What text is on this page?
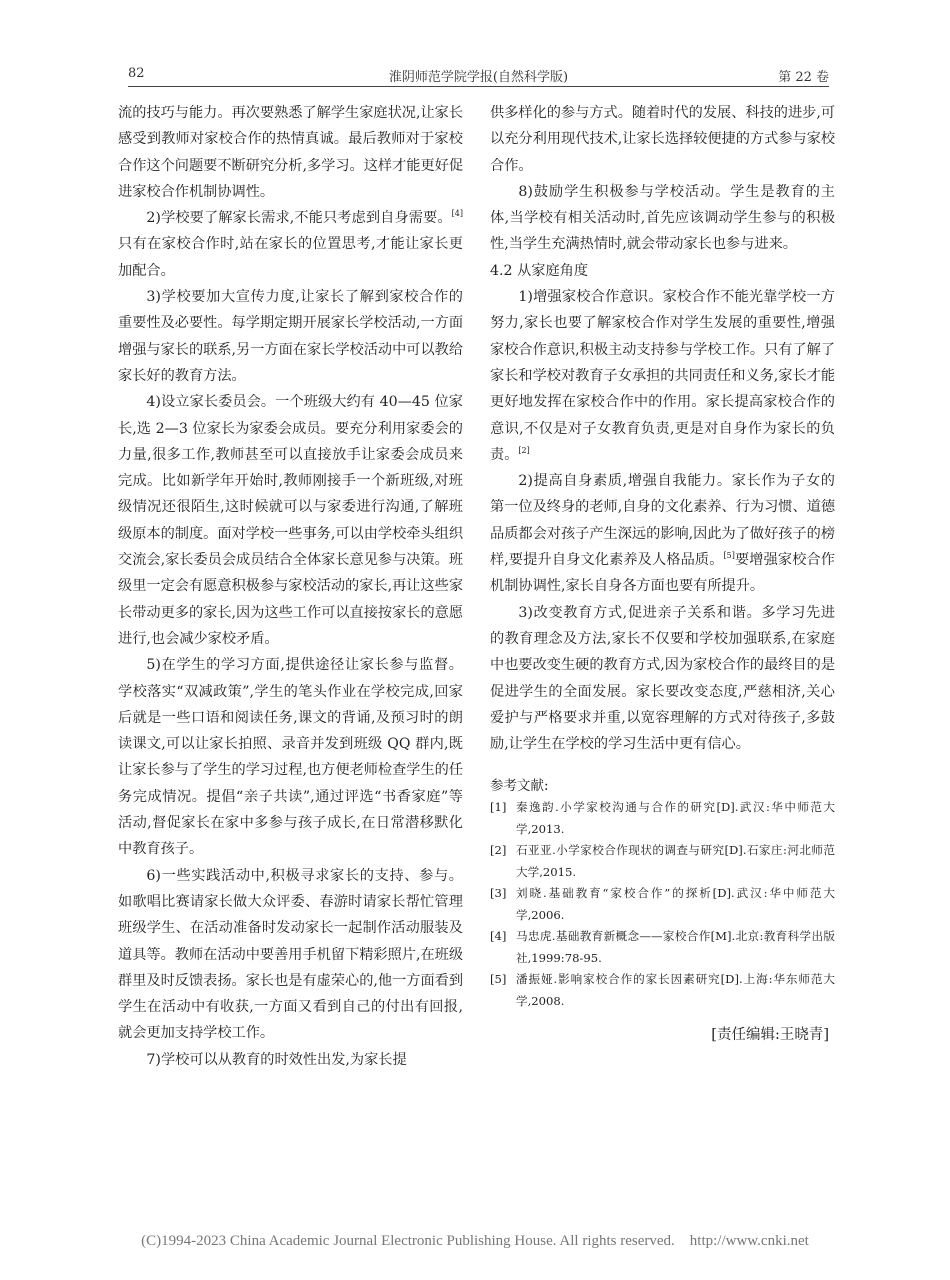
82	淮阴师范学院学报(自然科学版)	第 22 卷

流的技巧与能力。再次要熟悉了解学生家庭状况,让家长感受到教师对家校合作的热情真诚。最后教师对于家校合作这个问题要不断研究分析,多学习。这样才能更好促进家校合作机制协调性。

2)学校要了解家长需求,不能只考虑到自身需要。[4]只有在家校合作时,站在家长的位置思考,才能让家长更加配合。

3)学校要加大宣传力度,让家长了解到家校合作的重要性及必要性。每学期定期开展家长学校活动,一方面增强与家长的联系,另一方面在家长学校活动中可以教给家长好的教育方法。

4)设立家长委员会。一个班级大约有 40—45 位家长,选 2—3 位家长为家委会成员。要充分利用家委会的力量,很多工作,教师甚至可以直接放手让家委会成员来完成。比如新学年开始时,教师刚接手一个新班级,对班级情况还很陌生,这时候就可以与家委进行沟通,了解班级原本的制度。面对学校一些事务,可以由学校牵头组织交流会,家长委员会成员结合全体家长意见参与决策。班级里一定会有愿意积极参与家校活动的家长,再让这些家长带动更多的家长,因为这些工作可以直接按家长的意愿进行,也会减少家校矛盾。

5)在学生的学习方面,提供途径让家长参与监督。学校落实“双减政策”,学生的笔头作业在学校完成,回家后就是一些口语和阅读任务,课文的背诵,及预习时的朗读课文,可以让家长拍照、录音并发到班级 QQ 群内,既让家长参与了学生的学习过程,也方便老师检查学生的任务完成情况。提倡“亲子共读”,通过评选“书香家庭”等活动,督促家长在家中多参与孩子成长,在日常潜移默化中教育孩子。

6)一些实践活动中,积极寻求家长的支持、参与。如歌唱比赛请家长做大众评委、春游时请家长帮忙管理班级学生、在活动准备时发动家长一起制作活动服装及道具等。教师在活动中要善用手机留下精彩照片,在班级群里及时反馈表扬。家长也是有虚荣心的,他一方面看到学生在活动中有收获,一方面又看到自己的付出有回报,就会更加支持学校工作。

7)学校可以从教育的时效性出发,为家长提

供多样化的参与方式。随着时代的发展、科技的进步,可以充分利用现代技术,让家长选择较便捷的方式参与家校合作。

8)鼓励学生积极参与学校活动。学生是教育的主体,当学校有相关活动时,首先应该调动学生参与的积极性,当学生充满热情时,就会带动家长也参与进来。

4.2 从家庭角度

1)增强家校合作意识。家校合作不能光靠学校一方努力,家长也要了解家校合作对学生发展的重要性,增强家校合作意识,积极主动支持参与学校工作。只有了解了家长和学校对教育子女承担的共同责任和义务,家长才能更好地发挥在家校合作中的作用。家长提高家校合作的意识,不仅是对子女教育负责,更是对自身作为家长的负责。[2]

2)提高自身素质,增强自我能力。家长作为子女的第一位及终身的老师,自身的文化素养、行为习惯、道德品质都会对孩子产生深远的影响,因此为了做好孩子的榜样,要提升自身文化素养及人格品质。[5]要增强家校合作机制协调性,家长自身各方面也要有所提升。

3)改变教育方式,促进亲子关系和谐。多学习先进的教育理念及方法,家长不仅要和学校加强联系,在家庭中也要改变生硬的教育方式,因为家校合作的最终目的是促进学生的全面发展。家长要改变态度,严慈相济,关心爱护与严格要求并重,以宽容理解的方式对待孩子,多鼓励,让学生在学校的学习生活中更有信心。

参考文献:
[1] 秦逸韵.小学家校沟通与合作的研究[D].武汉:华中师范大学,2013.
[2] 石亚亚.小学家校合作现状的调查与研究[D].石家庄:河北师范大学,2015.
[3] 刘晓.基础教育“家校合作”的探析[D].武汉:华中师范大学,2006.
[4] 马忠虎.基础教育新概念——家校合作[M].北京:教育科学出版社,1999:78-95.
[5] 潘振娅.影响家校合作的家长因素研究[D].上海:华东师范大学,2008.
[责任编辑:王晓青]
(C)1994-2023 China Academic Journal Electronic Publishing House. All rights reserved.    http://www.cnki.net
